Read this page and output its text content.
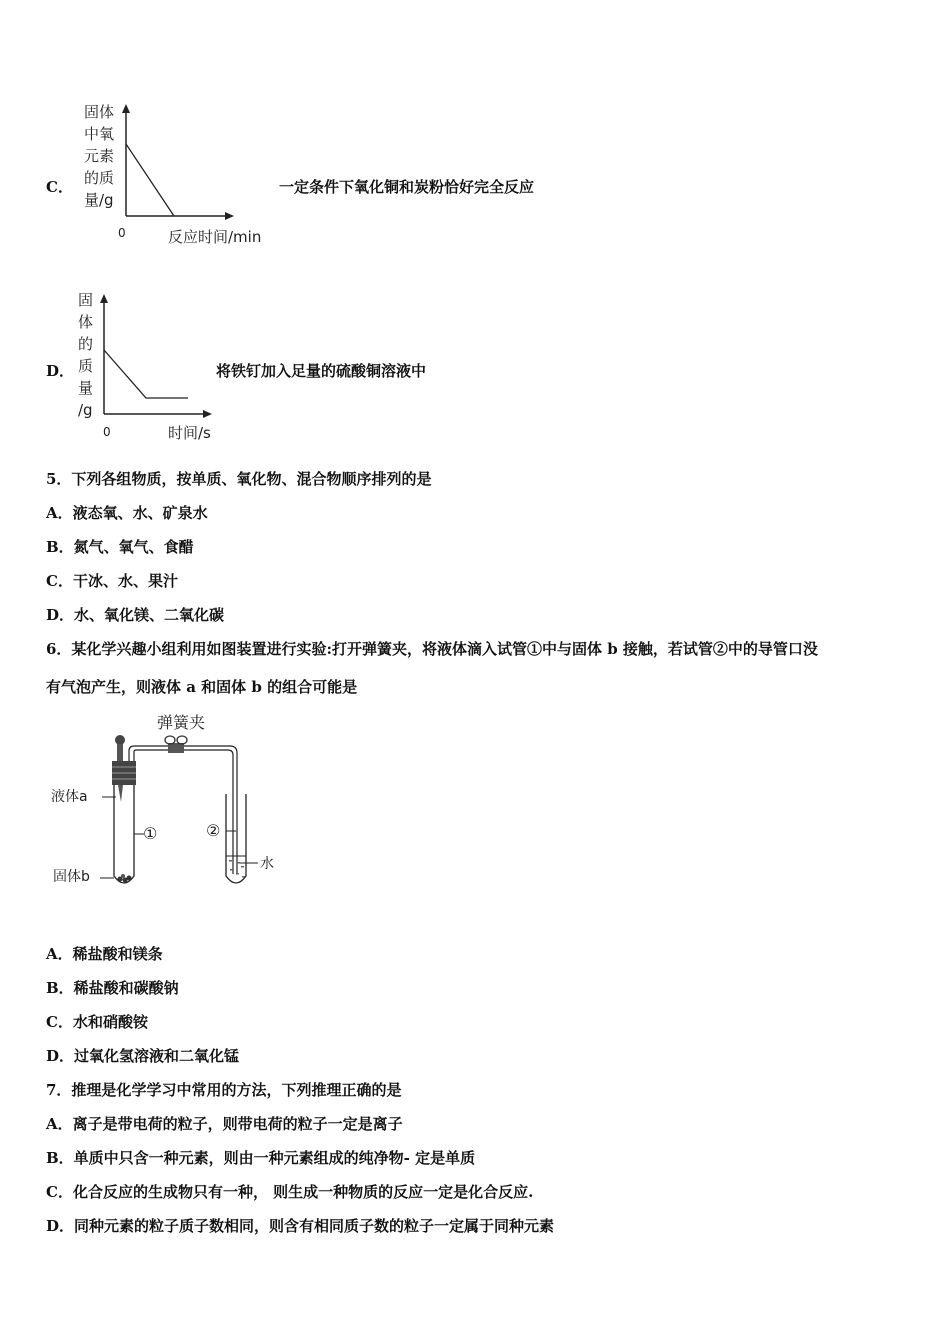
C．
固体
中氧
元素
的质
量/g
0	反应时间/min
一定条件下氧化铜和炭粉恰好完全反应
D．
固
体
的
质
量
/g
0	时间/s
将铁钉加入足量的硫酸铜溶液中
5．下列各组物质，按单质、氧化物、混合物顺序排列的是
A．液态氧、水、矿泉水
B．氮气、氧气、食醋
C．干冰、水、果汁
D．水、氧化镁、二氧化碳
6．某化学兴趣小组利用如图装置进行实验:打开弹簧夹，将液体滴入试管①中与固体 b 接触，若试管②中的导管口没
有气泡产生，则液体 a 和固体 b 的组合可能是
弹簧夹
液体a
①	②
水
固体b
A．稀盐酸和镁条
B．稀盐酸和碳酸钠
C．水和硝酸铵
D．过氧化氢溶液和二氧化锰
7．推理是化学学习中常用的方法，下列推理正确的是
A．离子是带电荷的粒子，则带电荷的粒子一定是离子
B．单质中只含一种元素，则由一种元素组成的纯净物- 定是单质
C．化合反应的生成物只有一种， 则生成一种物质的反应一定是化合反应.
D．同种元素的粒子质子数相同，则含有相同质子数的粒子一定属于同种元素
